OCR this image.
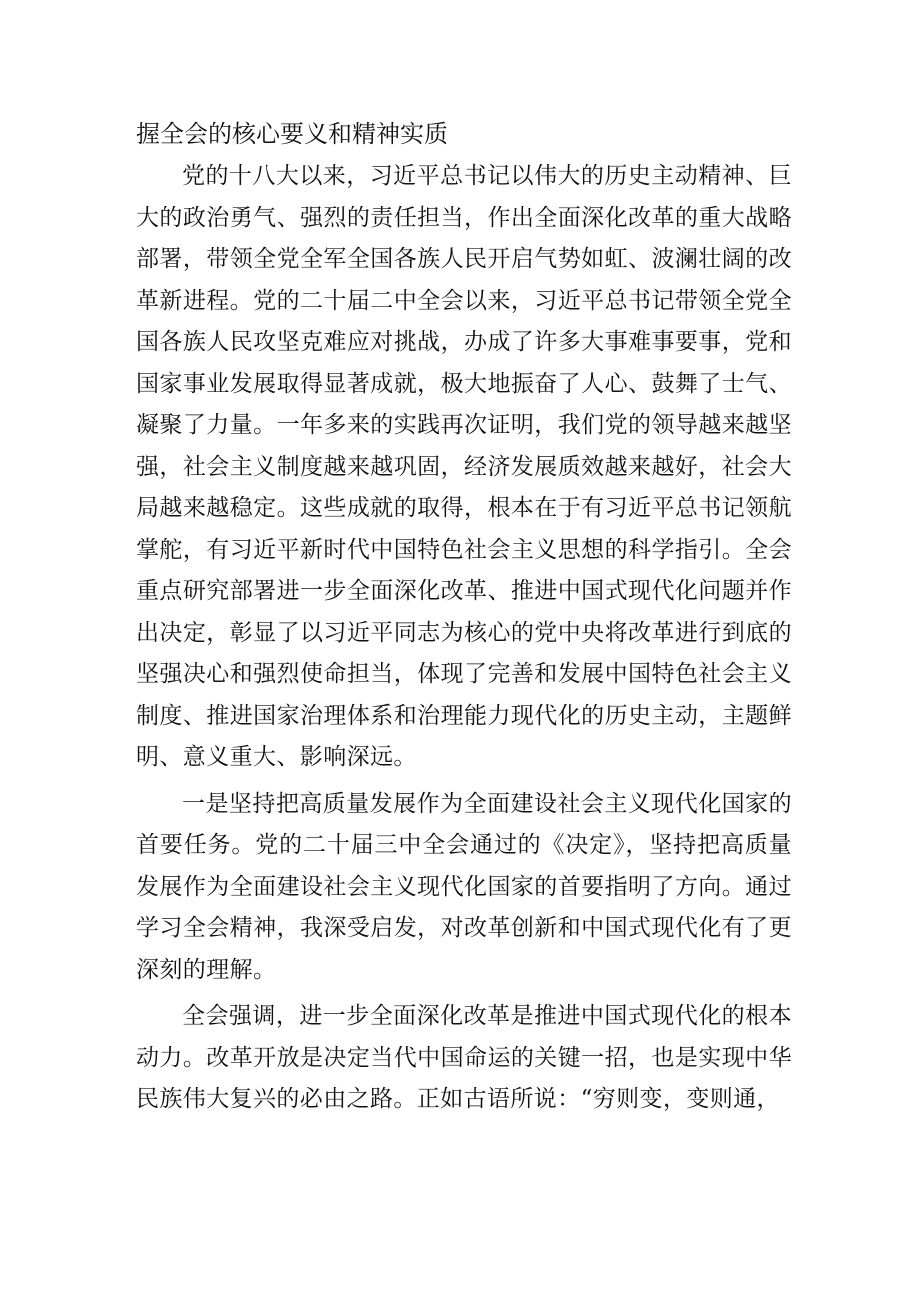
握全会的核心要义和精神实质

党的十八大以来，习近平总书记以伟大的历史主动精神、巨大的政治勇气、强烈的责任担当，作出全面深化改革的重大战略部署，带领全党全军全国各族人民开启气势如虹、波澜壮阔的改革新进程。党的二十届二中全会以来，习近平总书记带领全党全国各族人民攻坚克难应对挑战，办成了许多大事难事要事，党和国家事业发展取得显著成就，极大地振奋了人心、鼓舞了士气、凝聚了力量。一年多来的实践再次证明，我们党的领导越来越坚强，社会主义制度越来越巩固，经济发展质效越来越好，社会大局越来越稳定。这些成就的取得，根本在于有习近平总书记领航掌舵，有习近平新时代中国特色社会主义思想的科学指引。全会重点研究部署进一步全面深化改革、推进中国式现代化问题并作出决定，彰显了以习近平同志为核心的党中央将改革进行到底的坚强决心和强烈使命担当，体现了完善和发展中国特色社会主义制度、推进国家治理体系和治理能力现代化的历史主动，主题鲜明、意义重大、影响深远。

一是坚持把高质量发展作为全面建设社会主义现代化国家的首要任务。党的二十届三中全会通过的《决定》，坚持把高质量发展作为全面建设社会主义现代化国家的首要指明了方向。通过学习全会精神，我深受启发，对改革创新和中国式现代化有了更深刻的理解。

全会强调，进一步全面深化改革是推进中国式现代化的根本动力。改革开放是决定当代中国命运的关键一招，也是实现中华民族伟大复兴的必由之路。正如古语所说：“穷则变，变则通，
